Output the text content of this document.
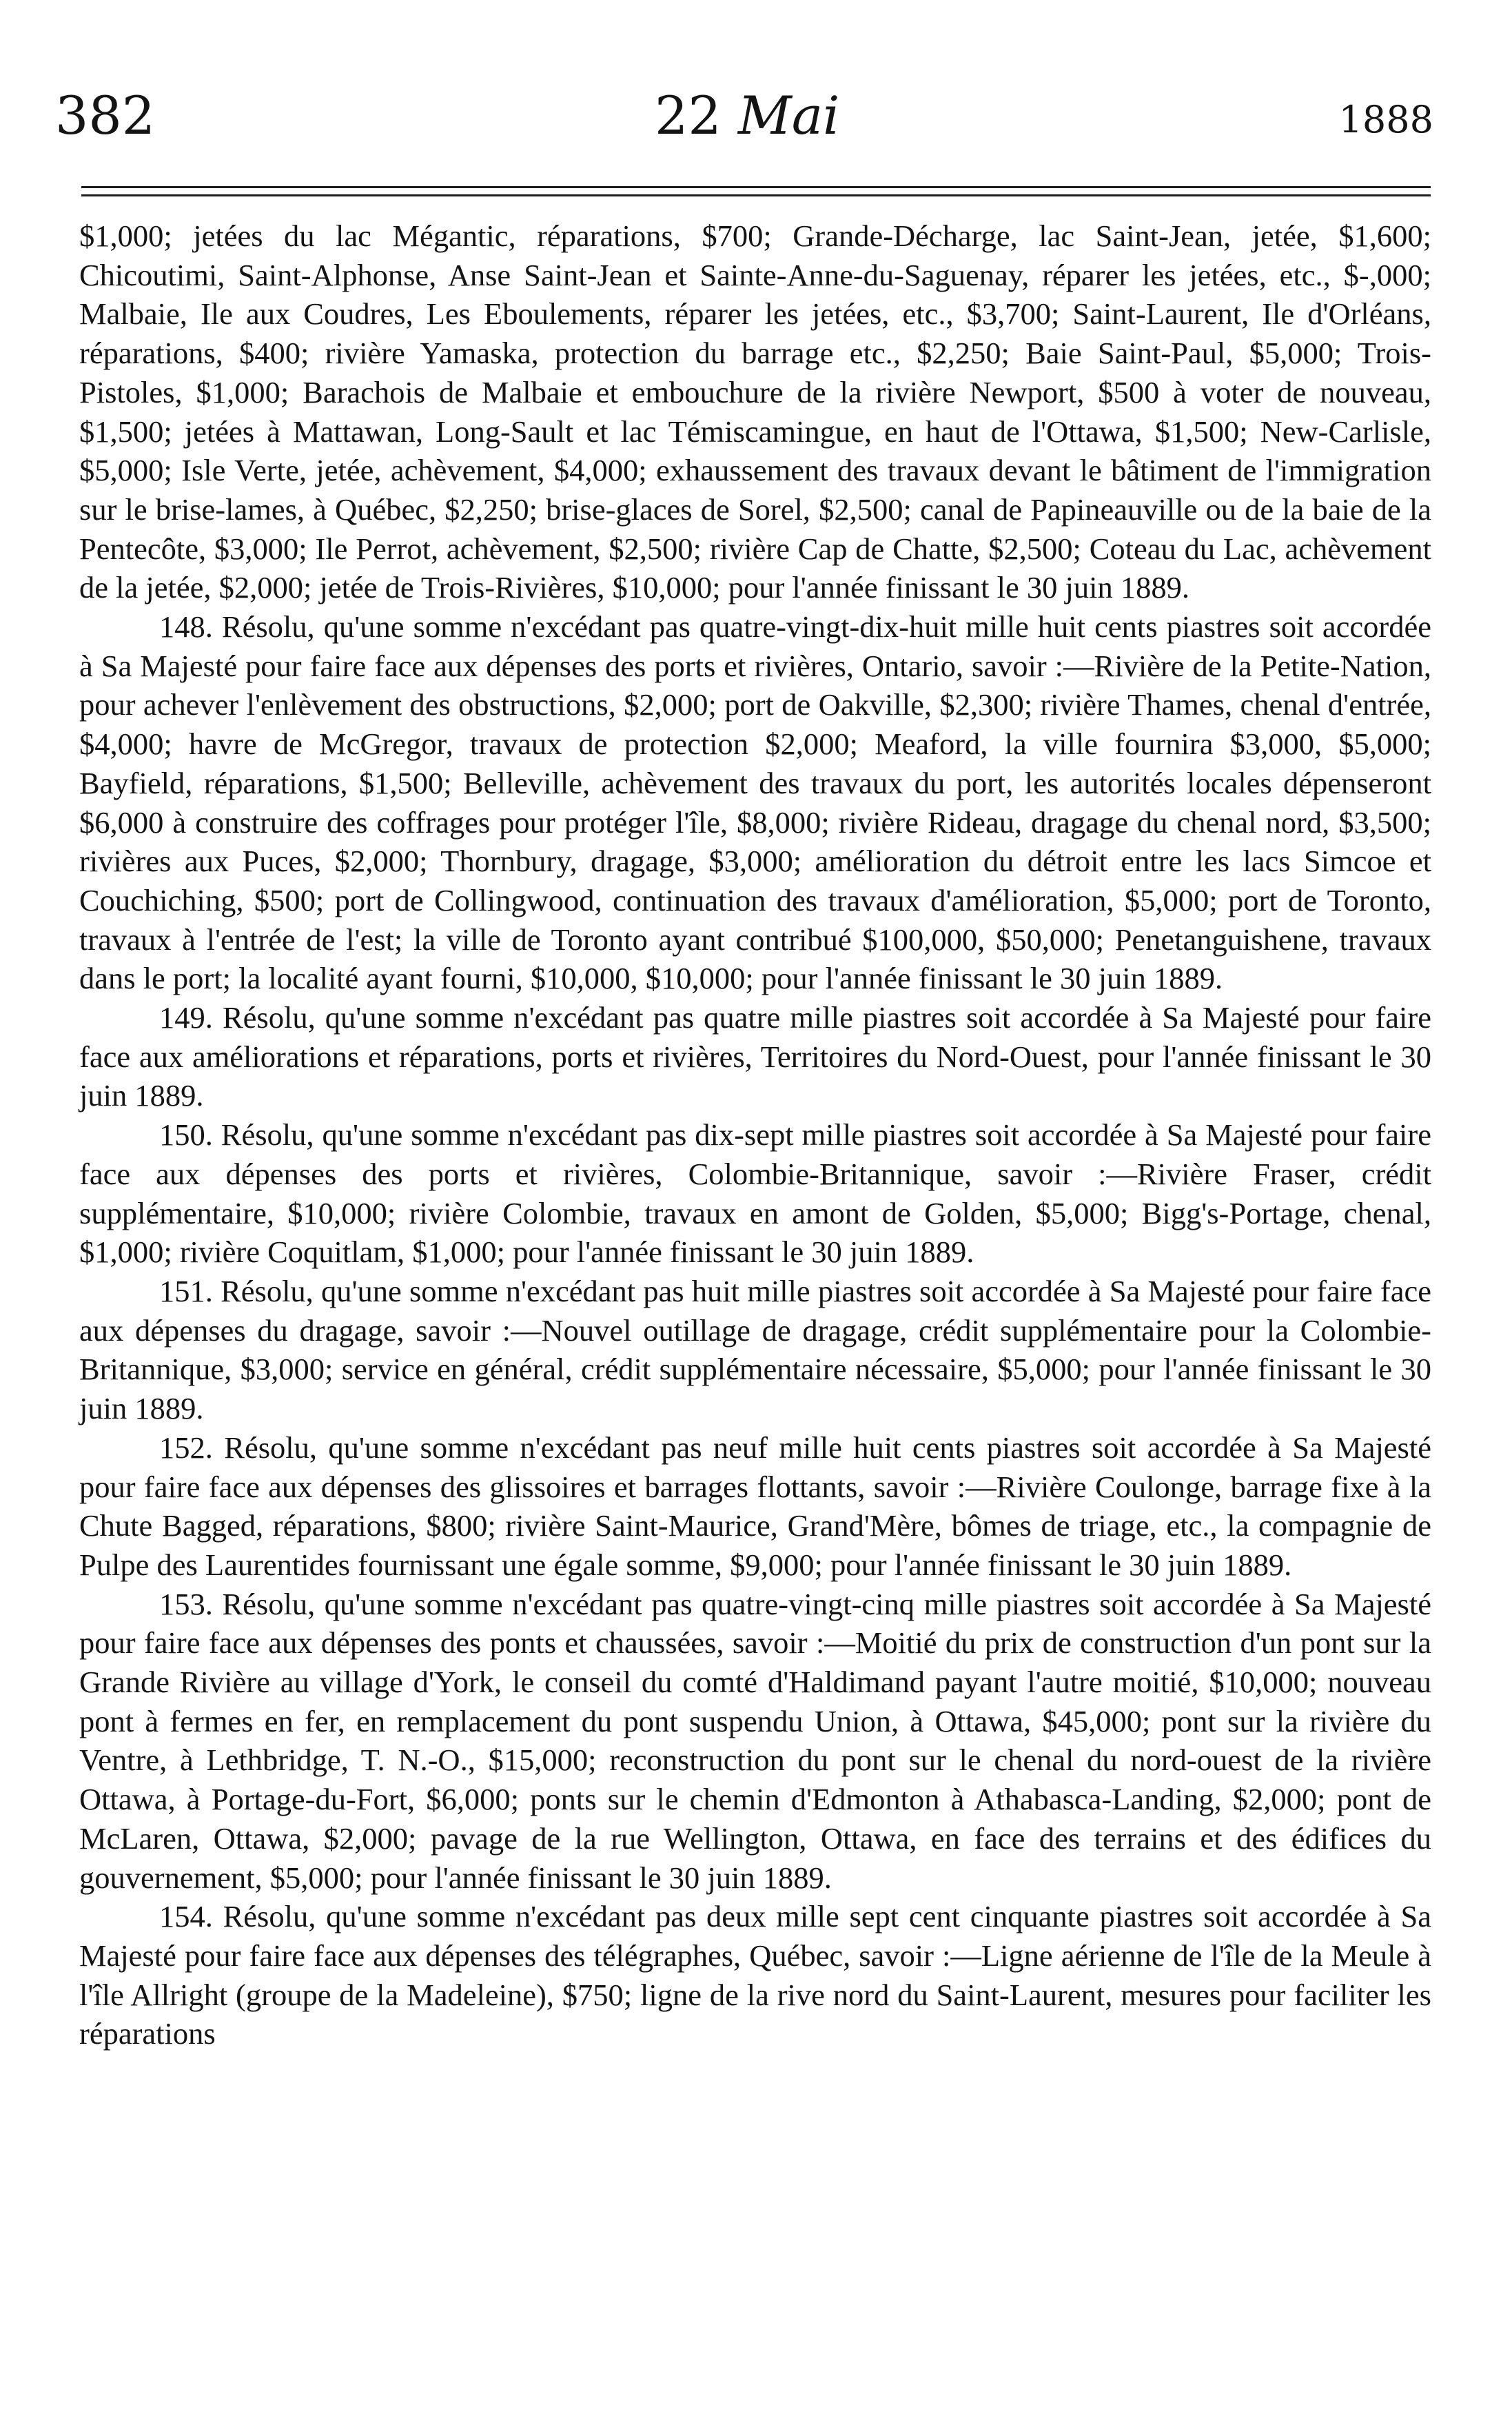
382	22 Mai	1888

$1,000; jetées du lac Mégantic, réparations, $700; Grande-Décharge, lac Saint-Jean, jetée, $1,600; Chicoutimi, Saint-Alphonse, Anse Saint-Jean et Sainte-Anne-du-Saguenay, réparer les jetées, etc., $-,000; Malbaie, Ile aux Coudres, Les Eboulements, réparer les jetées, etc., $3,700; Saint-Laurent, Ile d'Orléans, réparations, $400; rivière Yamaska, protection du barrage etc., $2,250; Baie Saint-Paul, $5,000; Trois-Pistoles, $1,000; Barachois de Malbaie et embouchure de la rivière Newport, $500 à voter de nouveau, $1,500; jetées à Mattawan, Long-Sault et lac Témiscamingue, en haut de l'Ottawa, $1,500; New-Carlisle, $5,000; Isle Verte, jetée, achèvement, $4,000; exhaussement des travaux devant le bâtiment de l'immigration sur le brise-lames, à Québec, $2,250; brise-glaces de Sorel, $2,500; canal de Papineauville ou de la baie de la Pentecôte, $3,000; Ile Perrot, achèvement, $2,500; rivière Cap de Chatte, $2,500; Coteau du Lac, achèvement de la jetée, $2,000; jetée de Trois-Rivières, $10,000; pour l'année finissant le 30 juin 1889.

148. Résolu, qu'une somme n'excédant pas quatre-vingt-dix-huit mille huit cents piastres soit accordée à Sa Majesté pour faire face aux dépenses des ports et rivières, Ontario, savoir :—Rivière de la Petite-Nation, pour achever l'enlèvement des obstructions, $2,000; port de Oakville, $2,300; rivière Thames, chenal d'entrée, $4,000; havre de McGregor, travaux de protection $2,000; Meaford, la ville fournira $3,000, $5,000; Bayfield, réparations, $1,500; Belleville, achèvement des travaux du port, les autorités locales dépenseront $6,000 à construire des coffrages pour protéger l'île, $8,000; rivière Rideau, dragage du chenal nord, $3,500; rivières aux Puces, $2,000; Thornbury, dragage, $3,000; amélioration du détroit entre les lacs Simcoe et Couchiching, $500; port de Collingwood, continuation des travaux d'amélioration, $5,000; port de Toronto, travaux à l'entrée de l'est; la ville de Toronto ayant contribué $100,000, $50,000; Penetanguishene, travaux dans le port; la localité ayant fourni, $10,000, $10,000; pour l'année finissant le 30 juin 1889.

149. Résolu, qu'une somme n'excédant pas quatre mille piastres soit accordée à Sa Majesté pour faire face aux améliorations et réparations, ports et rivières, Territoires du Nord-Ouest, pour l'année finissant le 30 juin 1889.

150. Résolu, qu'une somme n'excédant pas dix-sept mille piastres soit accordée à Sa Majesté pour faire face aux dépenses des ports et rivières, Colombie-Britannique, savoir :—Rivière Fraser, crédit supplémentaire, $10,000; rivière Colombie, travaux en amont de Golden, $5,000; Bigg's-Portage, chenal, $1,000; rivière Coquitlam, $1,000; pour l'année finissant le 30 juin 1889.

151. Résolu, qu'une somme n'excédant pas huit mille piastres soit accordée à Sa Majesté pour faire face aux dépenses du dragage, savoir :—Nouvel outillage de dragage, crédit supplémentaire pour la Colombie-Britannique, $3,000; service en général, crédit supplémentaire nécessaire, $5,000; pour l'année finissant le 30 juin 1889.

152. Résolu, qu'une somme n'excédant pas neuf mille huit cents piastres soit accordée à Sa Majesté pour faire face aux dépenses des glissoires et barrages flottants, savoir :—Rivière Coulonge, barrage fixe à la Chute Bagged, réparations, $800; rivière Saint-Maurice, Grand'Mère, bômes de triage, etc., la compagnie de Pulpe des Laurentides fournissant une égale somme, $9,000; pour l'année finissant le 30 juin 1889.

153. Résolu, qu'une somme n'excédant pas quatre-vingt-cinq mille piastres soit accordée à Sa Majesté pour faire face aux dépenses des ponts et chaussées, savoir :—Moitié du prix de construction d'un pont sur la Grande Rivière au village d'York, le conseil du comté d'Haldimand payant l'autre moitié, $10,000; nouveau pont à fermes en fer, en remplacement du pont suspendu Union, à Ottawa, $45,000; pont sur la rivière du Ventre, à Lethbridge, T. N.-O., $15,000; reconstruction du pont sur le chenal du nord-ouest de la rivière Ottawa, à Portage-du-Fort, $6,000; ponts sur le chemin d'Edmonton à Athabasca-Landing, $2,000; pont de McLaren, Ottawa, $2,000; pavage de la rue Wellington, Ottawa, en face des terrains et des édifices du gouvernement, $5,000; pour l'année finissant le 30 juin 1889.

154. Résolu, qu'une somme n'excédant pas deux mille sept cent cinquante piastres soit accordée à Sa Majesté pour faire face aux dépenses des télégraphes, Québec, savoir :—Ligne aérienne de l'île de la Meule à l'île Allright (groupe de la Madeleine), $750; ligne de la rive nord du Saint-Laurent, mesures pour faciliter les réparations
